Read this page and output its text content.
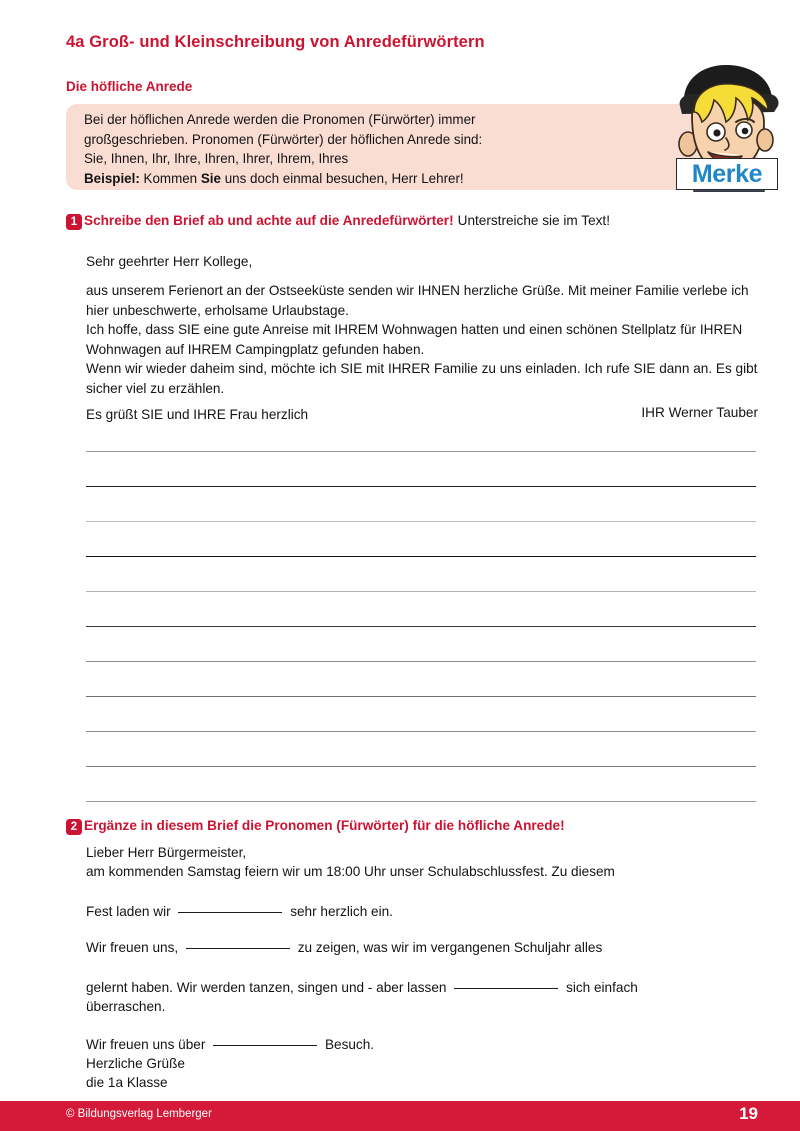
4a Groß- und Kleinschreibung von Anredefürwörtern
Die höfliche Anrede
Bei der höflichen Anrede werden die Pronomen (Fürwörter) immer
großgeschrieben. Pronomen (Fürwörter) der höflichen Anrede sind:
Sie, Ihnen, Ihr, Ihre, Ihren, Ihrer, Ihrem, Ihres
Beispiel: Kommen Sie uns doch einmal besuchen, Herr Lehrer!	Merke
1 Schreibe den Brief ab und achte auf die Anredefürwörter! Unterstreiche sie im Text!
Sehr geehrter Herr Kollege,
aus unserem Ferienort an der Ostseeküste senden wir IHNEN herzliche Grüße. Mit meiner Familie verlebe ich hier unbeschwerte, erholsame Urlaubstage.
Ich hoffe, dass SIE eine gute Anreise mit IHREM Wohnwagen hatten und einen schönen Stellplatz für IHREN Wohnwagen auf IHREM Campingplatz gefunden haben.
Wenn wir wieder daheim sind, möchte ich SIE mit IHRER Familie zu uns einladen. Ich rufe SIE dann an. Es gibt sicher viel zu erzählen.
Es grüßt SIE und IHRE Frau herzlich	IHR Werner Tauber
2 Ergänze in diesem Brief die Pronomen (Fürwörter) für die höfliche Anrede!
Lieber Herr Bürgermeister,
am kommenden Samstag feiern wir um 18:00 Uhr unser Schulabschlussfest. Zu diesem
Fest laden wir	sehr herzlich ein.
Wir freuen uns,	zu zeigen, was wir im vergangenen Schuljahr alles
gelernt haben. Wir werden tanzen, singen und - aber lassen	sich einfach
überraschen.
Wir freuen uns über	Besuch.
Herzliche Grüße
die 1a Klasse
© Bildungsverlag Lemberger	19
